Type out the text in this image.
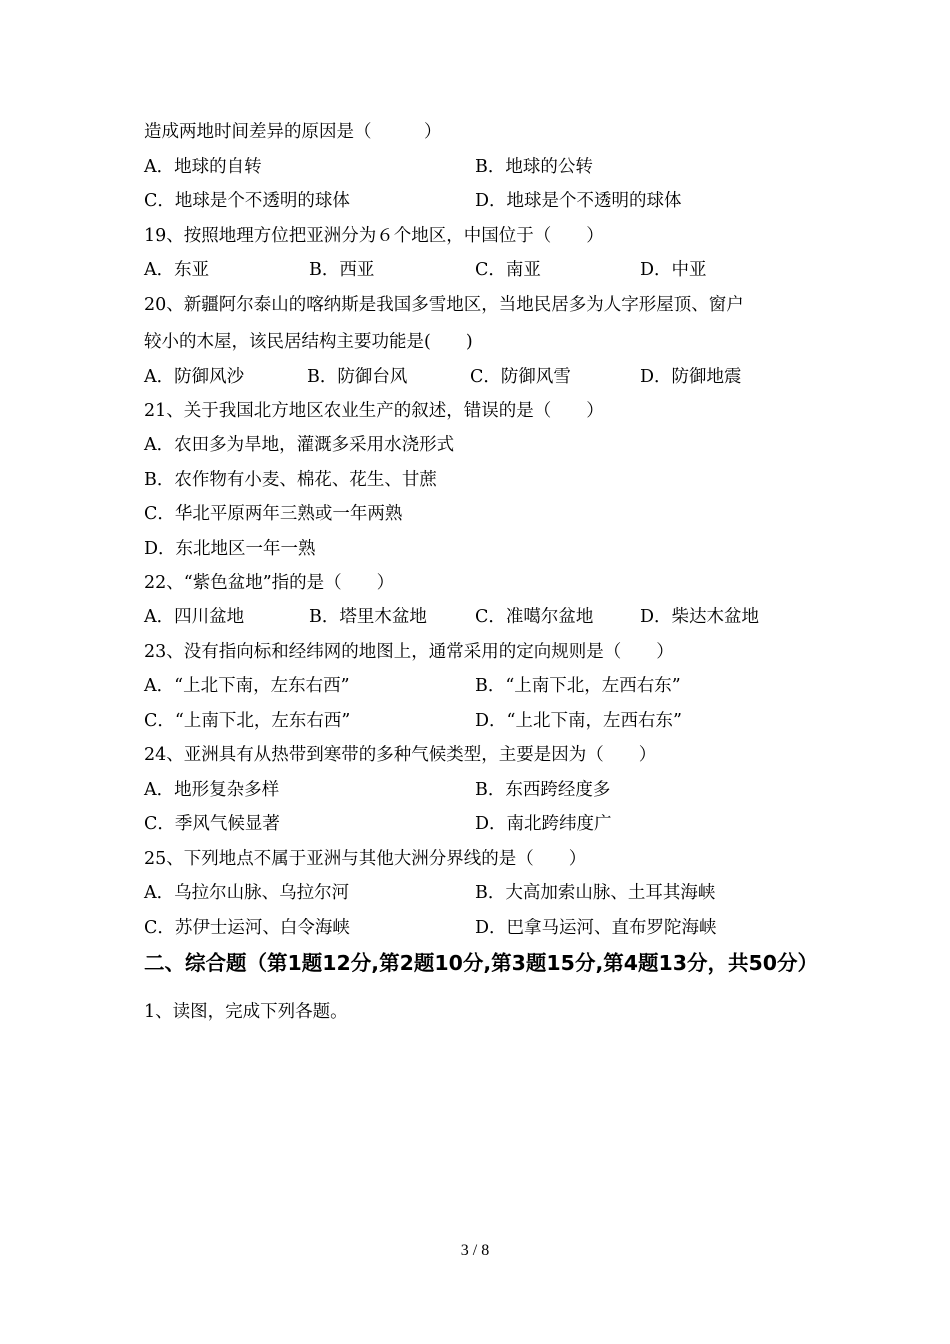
造成两地时间差异的原因是（　　　）
A．地球的自转	B．地球的公转
C．地球是个不透明的球体	D．地球是个不透明的球体
19、按照地理方位把亚洲分为６个地区，中国位于（　　）
A．东亚	B．西亚	C．南亚	D．中亚
20、新疆阿尔泰山的喀纳斯是我国多雪地区，当地民居多为人字形屋顶、窗户
较小的木屋，该民居结构主要功能是(　　)
A．防御风沙	B．防御台风	C．防御风雪	D．防御地震
21、关于我国北方地区农业生产的叙述，错误的是（　　）
A．农田多为旱地，灌溉多采用水浇形式
B．农作物有小麦、棉花、花生、甘蔗
C．华北平原两年三熟或一年两熟
D．东北地区一年一熟
22、“紫色盆地”指的是（　　）
A．四川盆地	B．塔里木盆地	C．准噶尔盆地	D．柴达木盆地
23、没有指向标和经纬网的地图上，通常采用的定向规则是（　　）
A．“上北下南，左东右西”	B．“上南下北，左西右东”
C．“上南下北，左东右西”	D．“上北下南，左西右东”
24、亚洲具有从热带到寒带的多种气候类型，主要是因为（　　）
A．地形复杂多样	B．东西跨经度多
C．季风气候显著	D．南北跨纬度广
25、下列地点不属于亚洲与其他大洲分界线的是（　　）
A．乌拉尔山脉、乌拉尔河	B．大高加索山脉、土耳其海峡
C．苏伊士运河、白令海峡	D．巴拿马运河、直布罗陀海峡
二、综合题（第1题12分,第2题10分,第3题15分,第4题13分，共50分）
1、读图，完成下列各题。
3 / 8
